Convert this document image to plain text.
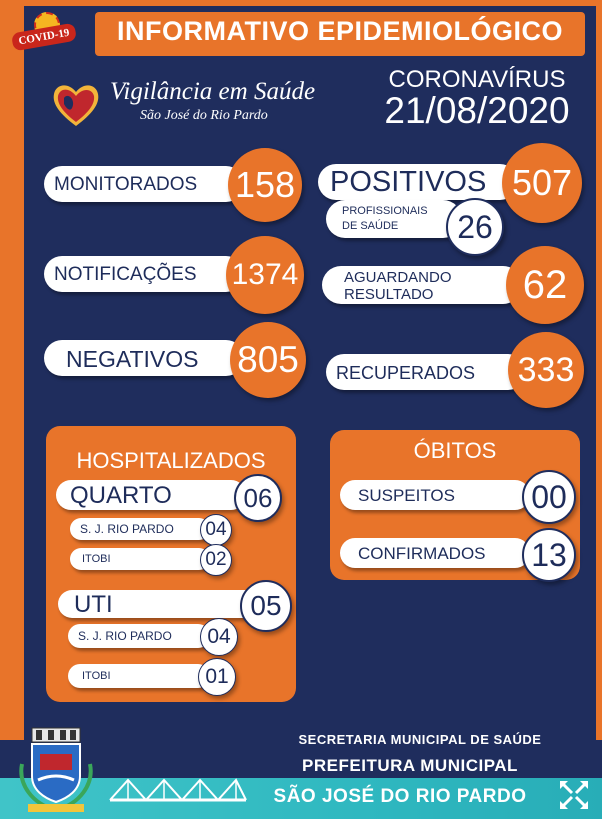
COVID-19	INFORMATIVO EPIDEMIOLÓGICO
Vigilância em Saúde
São José do Rio Pardo
CORONAVÍRUS
21/08/2020
MONITORADOS	158
NOTIFICAÇÕES	1374
NEGATIVOS	805
POSITIVOS 507
PROFISSIONAIS
DE SAÚDE	26
AGUARDANDO
RESULTADO	62
RECUPERADOS	333
HOSPITALIZADOS
QUARTO	06
S. J. RIO PARDO	04
ITOBI	02
UTI	05
S. J. RIO PARDO	04
ITOBI	01
ÓBITOS
SUSPEITOS	00
CONFIRMADOS	13
SECRETARIA MUNICIPAL DE SAÚDE
PREFEITURA MUNICIPAL
SÃO JOSÉ DO RIO PARDO
